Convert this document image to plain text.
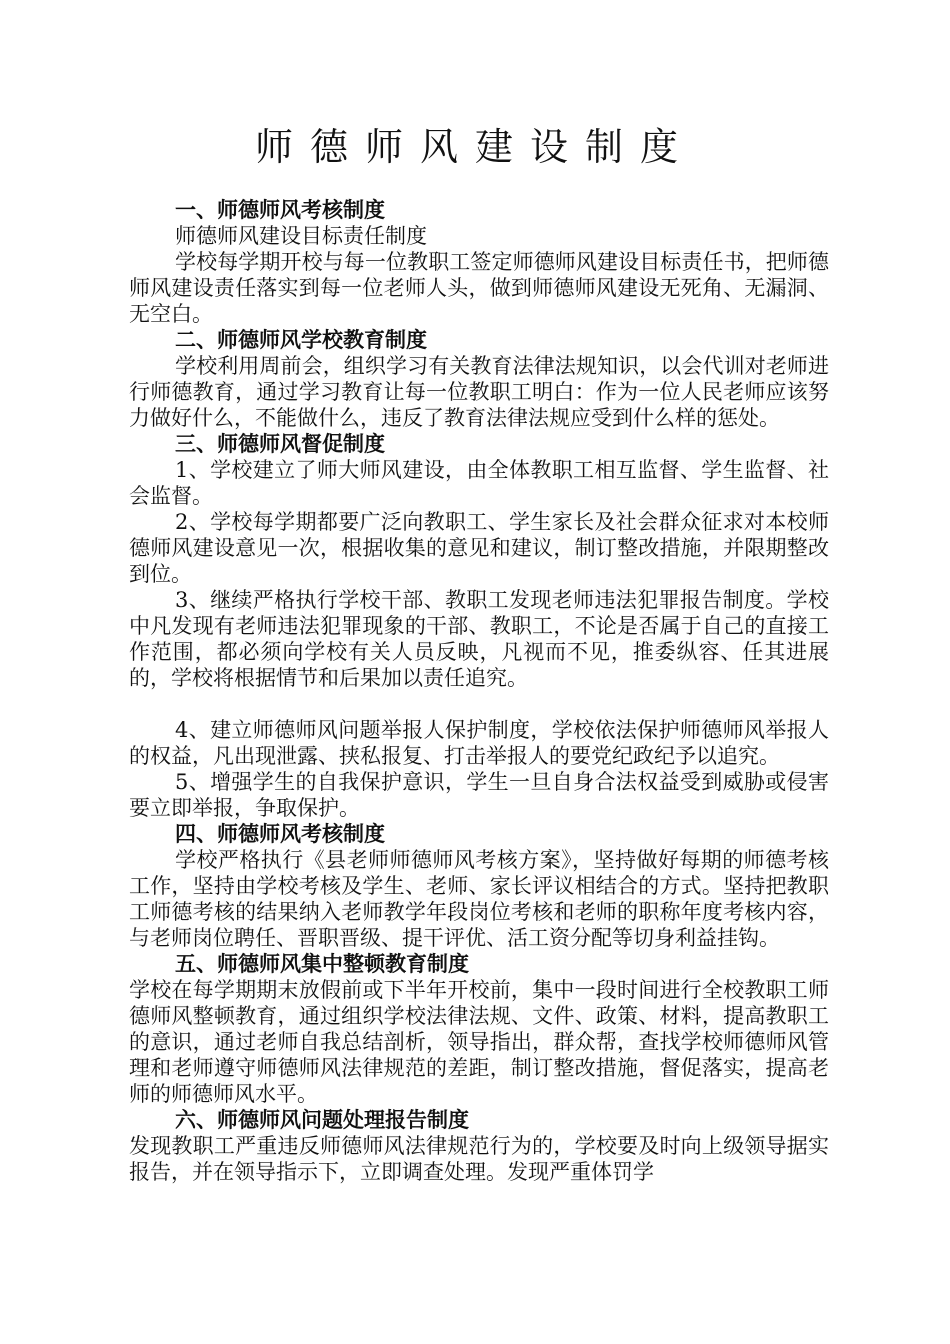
师德师风建设制度

一、师德师风考核制度

师德师风建设目标责任制度

学校每学期开校与每一位教职工签定师德师风建设目标责任书，把师德师风建设责任落实到每一位老师人头，做到师德师风建设无死角、无漏洞、无空白。

二、师德师风学校教育制度

学校利用周前会，组织学习有关教育法律法规知识，以会代训对老师进行师德教育，通过学习教育让每一位教职工明白：作为一位人民老师应该努力做好什么，不能做什么，违反了教育法律法规应受到什么样的惩处。

三、师德师风督促制度

1、学校建立了师大师风建设，由全体教职工相互监督、学生监督、社会监督。

2、学校每学期都要广泛向教职工、学生家长及社会群众征求对本校师德师风建设意见一次，根据收集的意见和建议，制订整改措施，并限期整改到位。

3、继续严格执行学校干部、教职工发现老师违法犯罪报告制度。学校中凡发现有老师违法犯罪现象的干部、教职工，不论是否属于自己的直接工作范围，都必须向学校有关人员反映，凡视而不见，推委纵容、任其进展的，学校将根据情节和后果加以责任追究。

4、建立师德师风问题举报人保护制度，学校依法保护师德师风举报人的权益，凡出现泄露、挟私报复、打击举报人的要党纪政纪予以追究。

5、增强学生的自我保护意识，学生一旦自身合法权益受到威胁或侵害要立即举报，争取保护。

四、师德师风考核制度

学校严格执行《县老师师德师风考核方案》，坚持做好每期的师德考核工作，坚持由学校考核及学生、老师、家长评议相结合的方式。坚持把教职工师德考核的结果纳入老师教学年段岗位考核和老师的职称年度考核内容，与老师岗位聘任、晋职晋级、提干评优、活工资分配等切身利益挂钩。

五、师德师风集中整顿教育制度

学校在每学期期末放假前或下半年开校前，集中一段时间进行全校教职工师德师风整顿教育，通过组织学校法律法规、文件、政策、材料，提高教职工的意识，通过老师自我总结剖析，领导指出，群众帮，查找学校师德师风管理和老师遵守师德师风法律规范的差距，制订整改措施，督促落实，提高老师的师德师风水平。

六、师德师风问题处理报告制度

发现教职工严重违反师德师风法律规范行为的，学校要及时向上级领导据实报告，并在领导指示下，立即调查处理。发现严重体罚学
